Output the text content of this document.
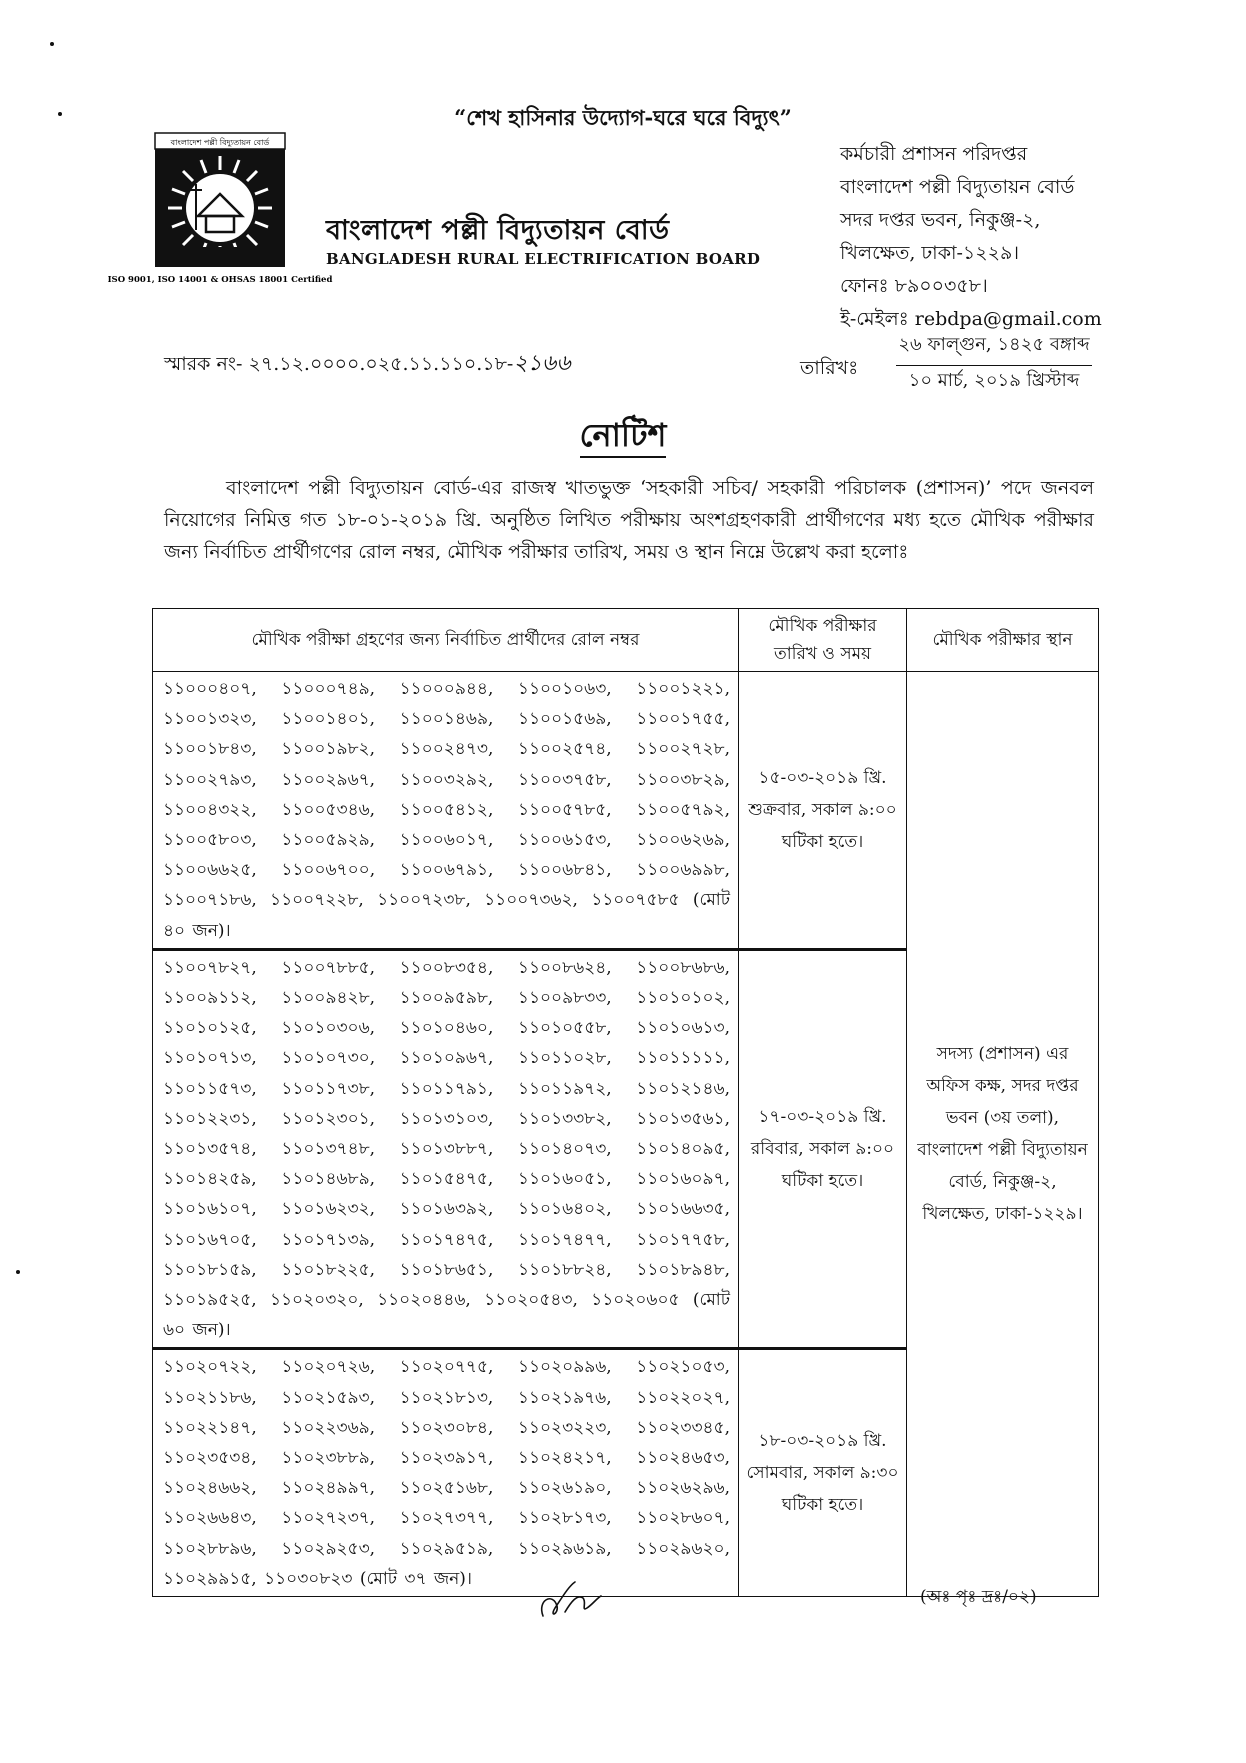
“শেখ হাসিনার উদ্যোগ-ঘরে ঘরে বিদ্যুৎ”
বাংলাদেশ পল্লী বিদ্যুতায়ন বোর্ড
ISO 9001, ISO 14001 & OHSAS 18001 Certified
বাংলাদেশ পল্লী বিদ্যুতায়ন বোর্ড
BANGLADESH RURAL ELECTRIFICATION BOARD
কর্মচারী প্রশাসন পরিদপ্তর
বাংলাদেশ পল্লী বিদ্যুতায়ন বোর্ড
সদর দপ্তর ভবন, নিকুঞ্জ-২,
খিলক্ষেত, ঢাকা-১২২৯।
ফোনঃ ৮৯০০৩৫৮।
ই-মেইলঃ rebdpa@gmail.com
স্মারক নং- ২৭.১২.০০০০.০২৫.১১.১১০.১৮-২১৬৬	তারিখঃ
২৬ ফাল্গুন, ১৪২৫ বঙ্গাব্দ
১০ মার্চ, ২০১৯ খ্রিস্টাব্দ
নোটিশ
বাংলাদেশ পল্লী বিদ্যুতায়ন বোর্ড-এর রাজস্ব খাতভুক্ত ‘সহকারী সচিব/ সহকারী পরিচালক (প্রশাসন)’ পদে জনবল নিয়োগের নিমিত্ত গত ১৮-০১-২০১৯ খ্রি. অনুষ্ঠিত লিখিত পরীক্ষায় অংশগ্রহণকারী প্রার্থীগণের মধ্য হতে মৌখিক পরীক্ষার জন্য নির্বাচিত প্রার্থীগণের রোল নম্বর, মৌখিক পরীক্ষার তারিখ, সময় ও স্থান নিম্নে উল্লেখ করা হলোঃ
মৌখিক পরীক্ষা গ্রহণের জন্য নির্বাচিত প্রার্থীদের রোল নম্বর	মৌখিক পরীক্ষার তারিখ ও সময়	মৌখিক পরীক্ষার স্থান
১১০০০৪০৭, ১১০০০৭৪৯, ১১০০০৯৪৪, ১১০০১০৬৩, ১১০০১২২১, ১১০০১৩২৩, ১১০০১৪০১, ১১০০১৪৬৯, ১১০০১৫৬৯, ১১০০১৭৫৫, ১১০০১৮৪৩, ১১০০১৯৮২, ১১০০২৪৭৩, ১১০০২৫৭৪, ১১০০২৭২৮, ১১০০২৭৯৩, ১১০০২৯৬৭, ১১০০৩২৯২, ১১০০৩৭৫৮, ১১০০৩৮২৯, ১১০০৪৩২২, ১১০০৫৩৪৬, ১১০০৫৪১২, ১১০০৫৭৮৫, ১১০০৫৭৯২, ১১০০৫৮০৩, ১১০০৫৯২৯, ১১০০৬০১৭, ১১০০৬১৫৩, ১১০০৬২৬৯, ১১০০৬৬২৫, ১১০০৬৭০০, ১১০০৬৭৯১, ১১০০৬৮৪১, ১১০০৬৯৯৮, ১১০০৭১৮৬, ১১০০৭২২৮, ১১০০৭২৩৮, ১১০০৭৩৬২, ১১০০৭৫৮৫ (মোট ৪০ জন)।	১৫-০৩-২০১৯ খ্রি. শুক্রবার, সকাল ৯:০০ ঘটিকা হতে।	সদস্য (প্রশাসন) এর অফিস কক্ষ, সদর দপ্তর ভবন (৩য় তলা), বাংলাদেশ পল্লী বিদ্যুতায়ন বোর্ড, নিকুঞ্জ-২, খিলক্ষেত, ঢাকা-১২২৯।
১১০০৭৮২৭, ১১০০৭৮৮৫, ১১০০৮৩৫৪, ১১০০৮৬২৪, ১১০০৮৬৮৬, ১১০০৯১১২, ১১০০৯৪২৮, ১১০০৯৫৯৮, ১১০০৯৮৩৩, ১১০১০১০২, ১১০১০১২৫, ১১০১০৩০৬, ১১০১০৪৬০, ১১০১০৫৫৮, ১১০১০৬১৩, ১১০১০৭১৩, ১১০১০৭৩০, ১১০১০৯৬৭, ১১০১১০২৮, ১১০১১১১১, ১১০১১৫৭৩, ১১০১১৭৩৮, ১১০১১৭৯১, ১১০১১৯৭২, ১১০১২১৪৬, ১১০১২২৩১, ১১০১২৩০১, ১১০১৩১০৩, ১১০১৩৩৮২, ১১০১৩৫৬১, ১১০১৩৫৭৪, ১১০১৩৭৪৮, ১১০১৩৮৮৭, ১১০১৪০৭৩, ১১০১৪০৯৫, ১১০১৪২৫৯, ১১০১৪৬৮৯, ১১০১৫৪৭৫, ১১০১৬০৫১, ১১০১৬০৯৭, ১১০১৬১০৭, ১১০১৬২৩২, ১১০১৬৩৯২, ১১০১৬৪০২, ১১০১৬৬৩৫, ১১০১৬৭০৫, ১১০১৭১৩৯, ১১০১৭৪৭৫, ১১০১৭৪৭৭, ১১০১৭৭৫৮, ১১০১৮১৫৯, ১১০১৮২২৫, ১১০১৮৬৫১, ১১০১৮৮২৪, ১১০১৮৯৪৮, ১১০১৯৫২৫, ১১০২০৩২০, ১১০২০৪৪৬, ১১০২০৫৪৩, ১১০২০৬০৫ (মোট ৬০ জন)।	১৭-০৩-২০১৯ খ্রি. রবিবার, সকাল ৯:০০ ঘটিকা হতে।	
১১০২০৭২২, ১১০২০৭২৬, ১১০২০৭৭৫, ১১০২০৯৯৬, ১১০২১০৫৩, ১১০২১১৮৬, ১১০২১৫৯৩, ১১০২১৮১৩, ১১০২১৯৭৬, ১১০২২০২৭, ১১০২২১৪৭, ১১০২২৩৬৯, ১১০২৩০৮৪, ১১০২৩২২৩, ১১০২৩৩৪৫, ১১০২৩৫৩৪, ১১০২৩৮৮৯, ১১০২৩৯১৭, ১১০২৪২১৭, ১১০২৪৬৫৩, ১১০২৪৬৬২, ১১০২৪৯৯৭, ১১০২৫১৬৮, ১১০২৬১৯০, ১১০২৬২৯৬, ১১০২৬৬৪৩, ১১০২৭২৩৭, ১১০২৭৩৭৭, ১১০২৮১৭৩, ১১০২৮৬০৭, ১১০২৮৮৯৬, ১১০২৯২৫৩, ১১০২৯৫১৯, ১১০২৯৬১৯, ১১০২৯৬২০, ১১০২৯৯১৫, ১১০৩০৮২৩ (মোট ৩৭ জন)।	১৮-০৩-২০১৯ খ্রি. সোমবার, সকাল ৯:৩০ ঘটিকা হতে।	
(অঃ পৃঃ দ্রঃ/০২)
